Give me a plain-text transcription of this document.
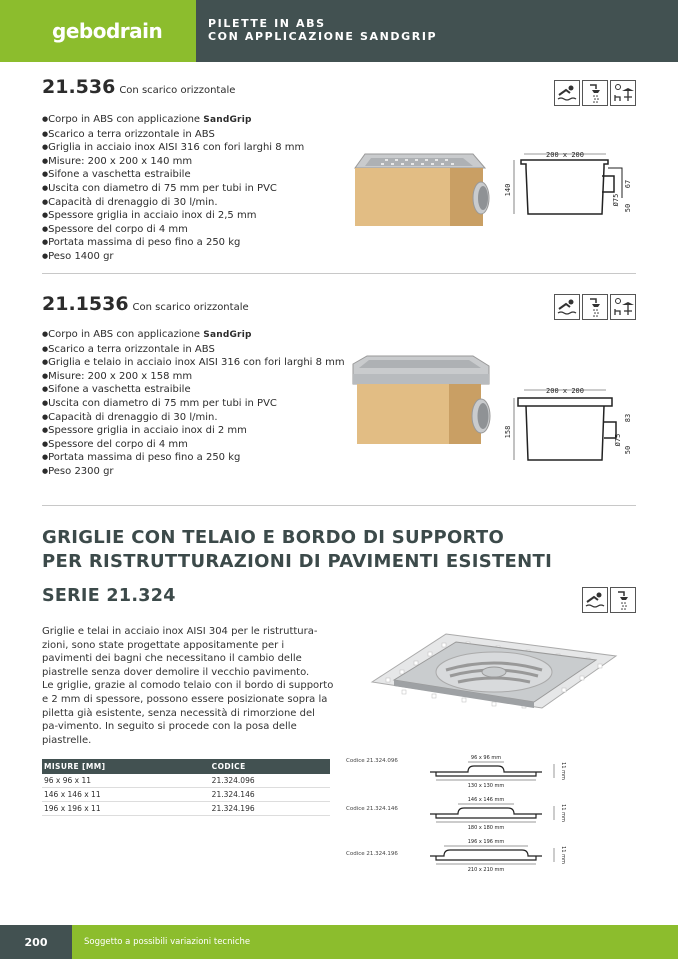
gebodrain	PILETTE IN ABS
CON APPLICAZIONE SANDGRIP
21.536 Con scarico orizzontale
● Corpo in ABS con applicazione SandGrip
● Scarico a terra orizzontale in ABS
● Griglia in acciaio inox AISI 316 con fori larghi 8 mm
● Misure: 200 x 200 x 140 mm
● Sifone a vaschetta estraibile
● Uscita con diametro di 75 mm per tubi in PVC
● Capacità di drenaggio di 30 l/min.
● Spessore griglia in acciaio inox di 2,5 mm
● Spessore del corpo di 4 mm
● Portata massima di peso fino a 250 kg
● Peso 1400 gr
200 x 200
140
Ø75
67
50
21.1536 Con scarico orizzontale
● Corpo in ABS con applicazione SandGrip
● Scarico a terra orizzontale in ABS
● Griglia e telaio in acciaio inox AISI 316 con fori larghi 8 mm
● Misure: 200 x 200 x 158 mm
● Sifone a vaschetta estraibile
● Uscita con diametro di 75 mm per tubi in PVC
● Capacità di drenaggio di 30 l/min.
● Spessore griglia in acciaio inox di 2 mm
● Spessore del corpo di 4 mm
● Portata massima di peso fino a 250 kg
● Peso 2300 gr
200 x 200
158
Ø75
83
50
GRIGLIE CON TELAIO E BORDO DI SUPPORTO
PER RISTRUTTURAZIONI DI PAVIMENTI ESISTENTI
SERIE 21.324
Griglie e telai in acciaio inox AISI 304 per le ristruttura-zioni, sono state progettate appositamente per i pavimenti dei bagni che necessitano il cambio delle piastrelle senza dover demolire il vecchio pavimento.
Le griglie, grazie al comodo telaio con il bordo di supporto e 2 mm di spessore, possono essere posizionate sopra la piletta già esistente, senza necessità di rimorzione del pa-vimento. In seguito si procede con la posa delle piastrelle.
MISURE [MM]	CODICE
96 x 96 x 11	21.324.096
146 x 146 x 11	21.324.146
196 x 196 x 11	21.324.196
Codice 21.324.096	96 x 96 mm
130 x 130 mm
11 mm
Codice 21.324.146
146 x 146 mm
180 x 180 mm
11 mm
Codice 21.324.196
196 x 196 mm
210 x 210 mm
11 mm
200	Soggetto a possibili variazioni tecniche
